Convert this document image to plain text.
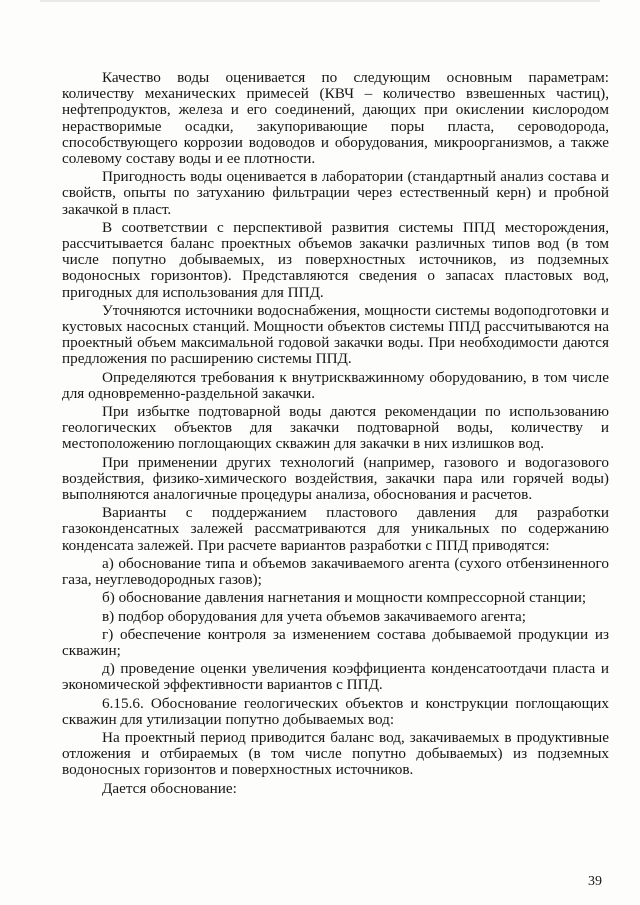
Качество воды оценивается по следующим основным параметрам: количеству механических примесей (КВЧ – количество взвешенных частиц), нефтепродуктов, железа и его соединений, дающих при окислении кислородом нерастворимые осадки, закупоривающие поры пласта, сероводорода, способствующего коррозии водоводов и оборудования, микроорганизмов, а также солевому составу воды и ее плотности.

Пригодность воды оценивается в лаборатории (стандартный анализ состава и свойств, опыты по затуханию фильтрации через естественный керн) и пробной закачкой в пласт.

В соответствии с перспективой развития системы ППД месторождения, рассчитывается баланс проектных объемов закачки различных типов вод (в том числе попутно добываемых, из поверхностных источников, из подземных водоносных горизонтов). Представляются сведения о запасах пластовых вод, пригодных для использования для ППД.

Уточняются источники водоснабжения, мощности системы водоподготовки и кустовых насосных станций. Мощности объектов системы ППД рассчитываются на проектный объем максимальной годовой закачки воды. При необходимости даются предложения по расширению системы ППД.

Определяются требования к внутрискважинному оборудованию, в том числе для одновременно-раздельной закачки.

При избытке подтоварной воды даются рекомендации по использованию геологических объектов для закачки подтоварной воды, количеству и местоположению поглощающих скважин для закачки в них излишков вод.

При применении других технологий (например, газового и водогазового воздействия, физико-химического воздействия, закачки пара или горячей воды) выполняются аналогичные процедуры анализа, обоснования и расчетов.

Варианты с поддержанием пластового давления для разработки газоконденсатных залежей рассматриваются для уникальных по содержанию конденсата залежей. При расчете вариантов разработки с ППД приводятся:

а) обоснование типа и объемов закачиваемого агента (сухого отбензиненного газа, неуглеводородных газов);

б) обоснование давления нагнетания и мощности компрессорной станции;

в) подбор оборудования для учета объемов закачиваемого агента;

г) обеспечение контроля за изменением состава добываемой продукции из скважин;

д) проведение оценки увеличения коэффициента конденсатоотдачи пласта и экономической эффективности вариантов с ППД.

6.15.6. Обоснование геологических объектов и конструкции поглощающих скважин для утилизации попутно добываемых вод:

На проектный период приводится баланс вод, закачиваемых в продуктивные отложения и отбираемых (в том числе попутно добываемых) из подземных водоносных горизонтов и поверхностных источников.

Дается обоснование:

39
